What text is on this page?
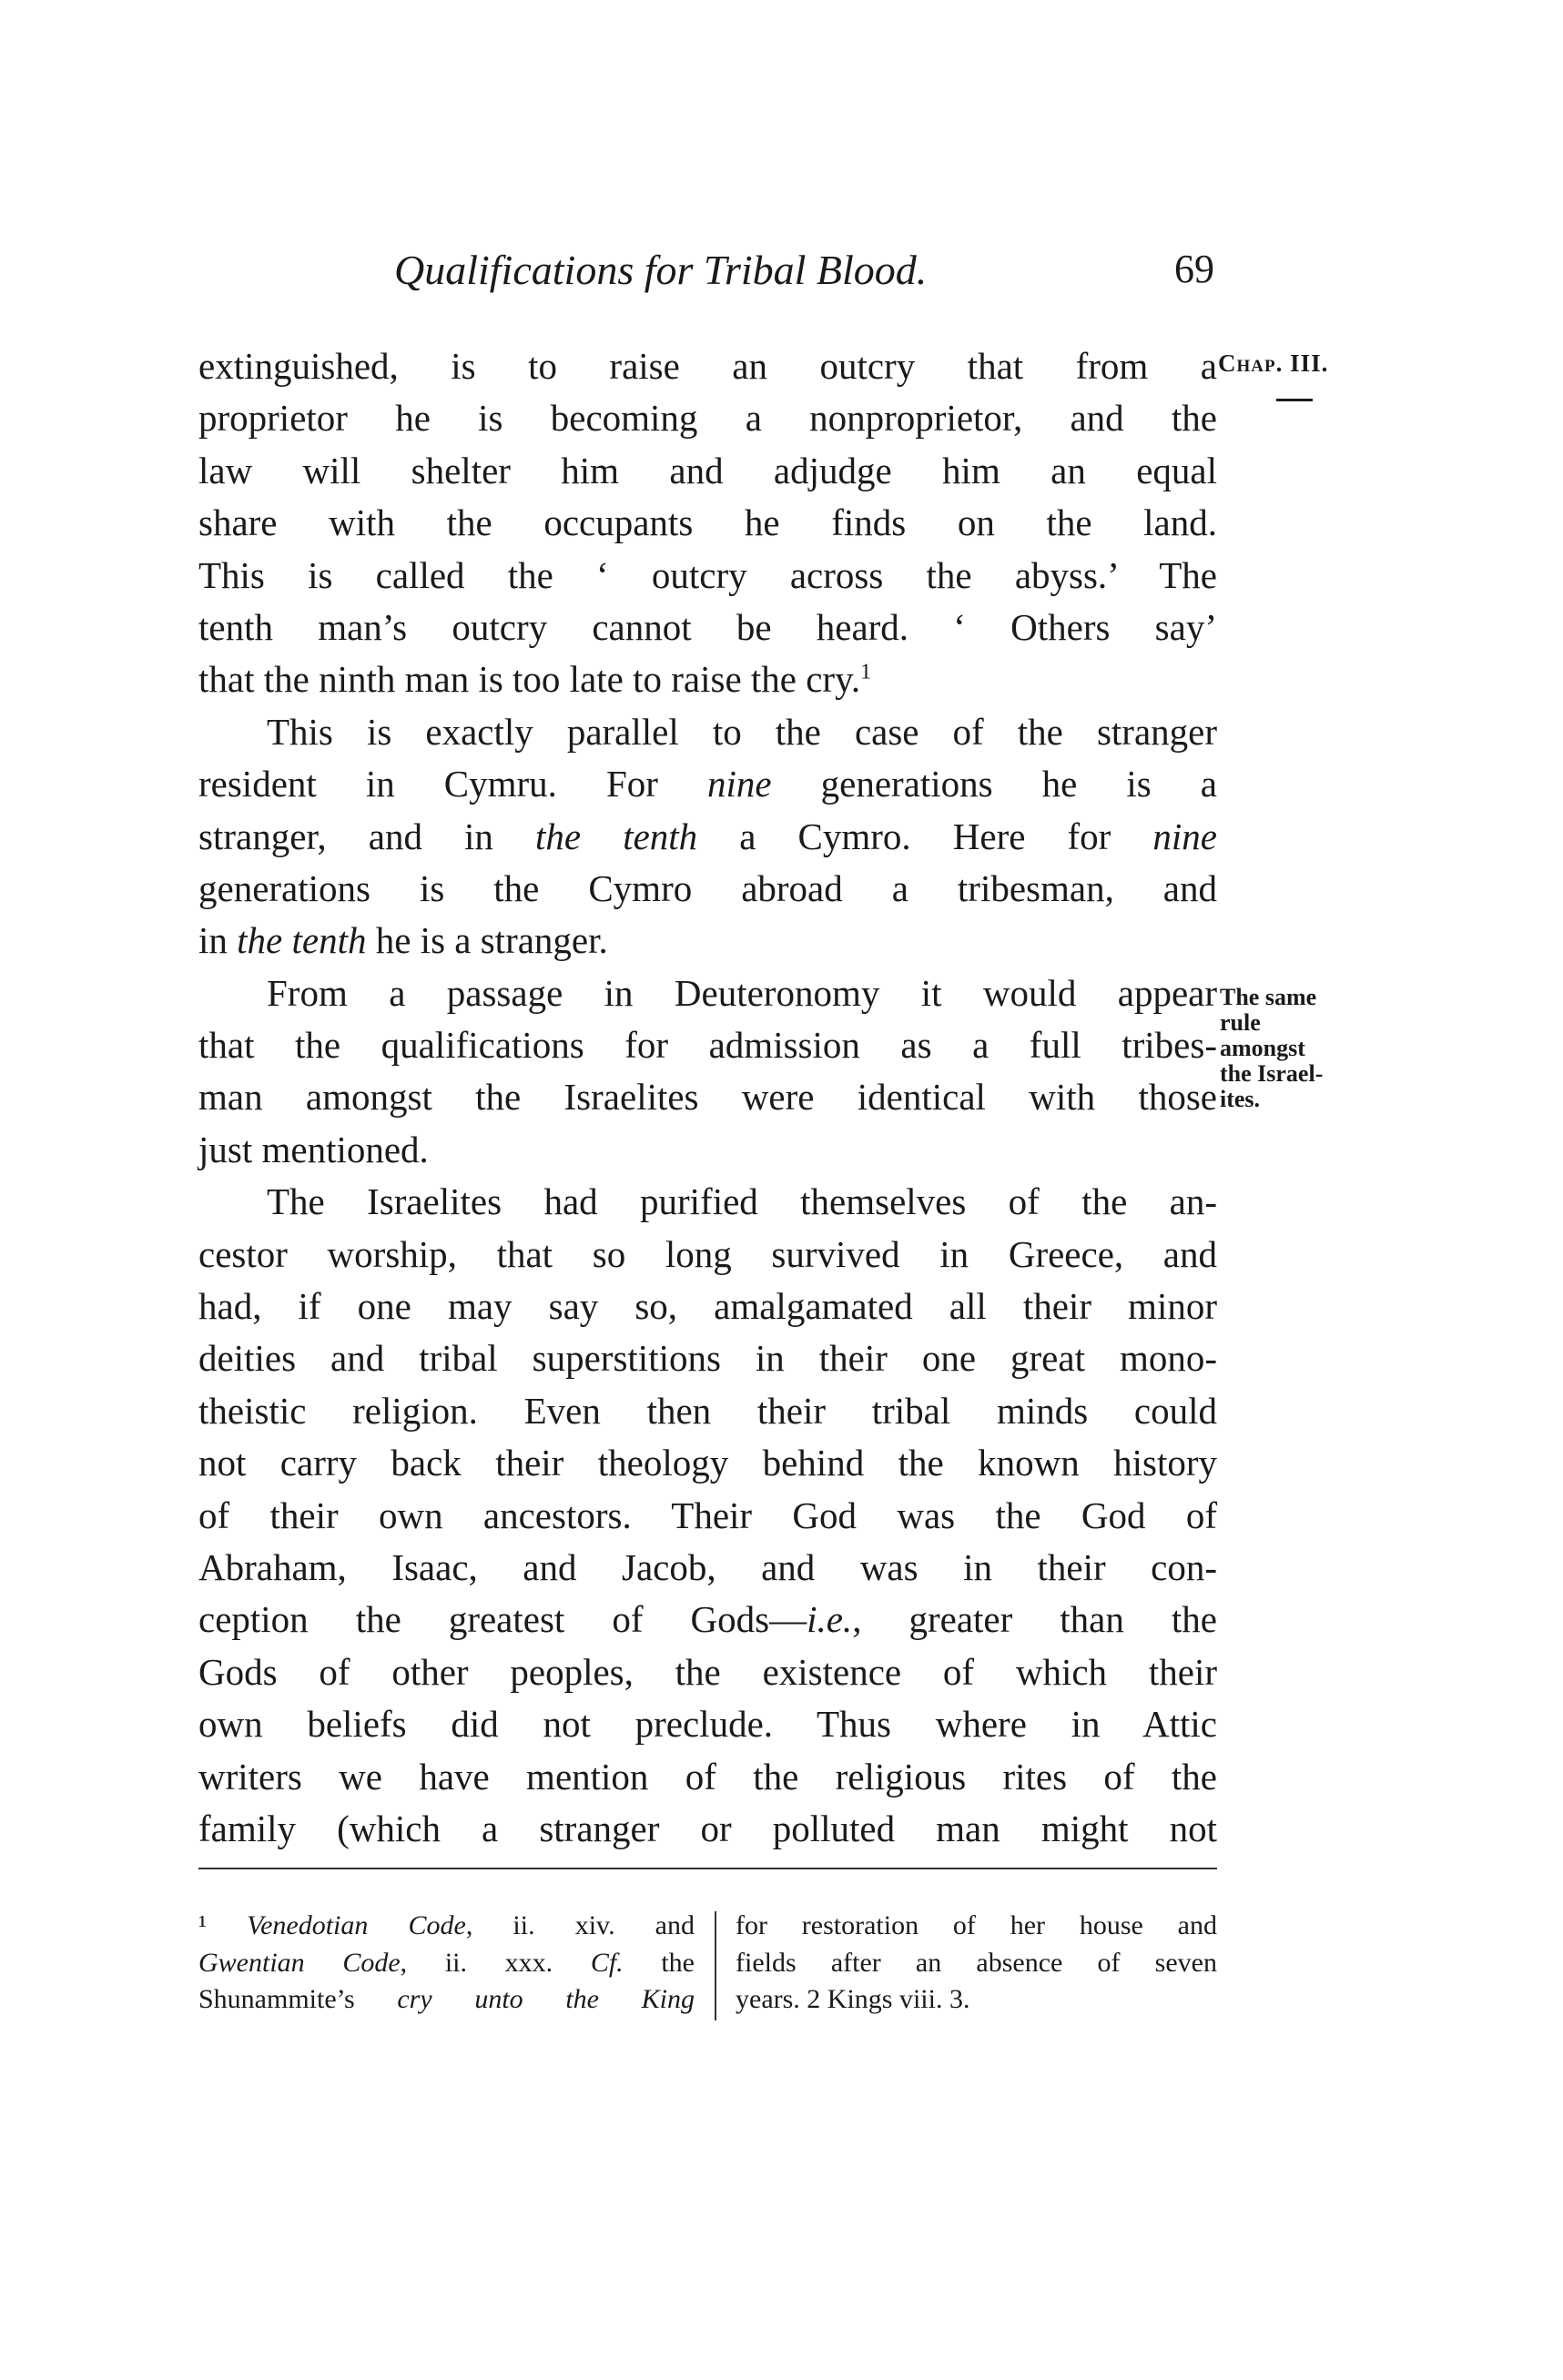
Qualifications for Tribal Blood.	69
Chap. III.
The same
rule
amongst
the Israel-
ites.
extinguished, is to raise an outcry that from a
proprietor he is becoming a nonproprietor, and the
law will shelter him and adjudge him an equal
share with the occupants he finds on the land.
This is called the ‘ outcry across the abyss.’ The
tenth man’s outcry cannot be heard. ‘ Others say’
that the ninth man is too late to raise the cry.$^1$
This is exactly parallel to the case of the stranger
resident in Cymru. For nine generations he is a
stranger, and in the tenth a Cymro. Here for nine
generations is the Cymro abroad a tribesman, and
in the tenth he is a stranger.
From a passage in Deuteronomy it would appear
that the qualifications for admission as a full tribes-
man amongst the Israelites were identical with those
just mentioned.
The Israelites had purified themselves of the an-
cestor worship, that so long survived in Greece, and
had, if one may say so, amalgamated all their minor
deities and tribal superstitions in their one great mono-
theistic religion. Even then their tribal minds could
not carry back their theology behind the known history
of their own ancestors. Their God was the God of
Abraham, Isaac, and Jacob, and was in their con-
ception the greatest of Gods—i.e., greater than the
Gods of other peoples, the existence of which their
own beliefs did not preclude. Thus where in Attic
writers we have mention of the religious rites of the
family (which a stranger or polluted man might not
¹ Venedotian Code, ii. xiv. and
Gwentian Code, ii. xxx. Cf. the
Shunammite’s cry unto the King
for restoration of her house and
fields after an absence of seven
years. 2 Kings viii. 3.
